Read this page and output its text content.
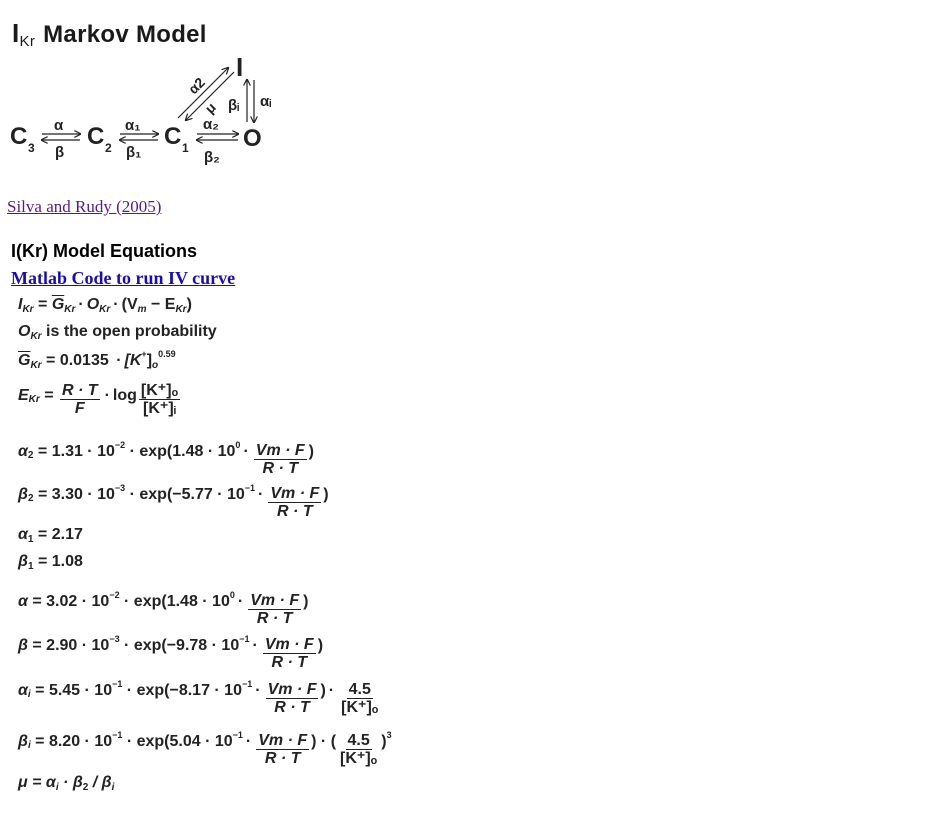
IKr Markov Model
C 3 C 2 C 1 O
I
α
β
α₁
β₁
α₂
β₂
α2
μ βᵢ αᵢ
Silva and Rudy (2005)
I(Kr) Model Equations
Matlab Code to run IV curve
I $Kr = \overline{G}$ Kr · O Kr · (V m − E Kr )
O Kr is the open probability
$\overline{G}$ Kr = 0.0135 · [K + ] o
0.59
E $Kr = \frac{R \cdot T}{F} \cdot \log \frac{\text{[K⁺]ₒ}}{\text{[K⁺]ᵢ}}$
α 2 = 1.31 · 10 −2 · exp(1.48 · 10 $0 \cdot \frac{Vm \cdot F}{R \cdot T}$ )
β $2 = 3.30 \cdot 10 -3 \cdot \exp(-5.77 \cdot 10 -1 \cdot \frac{Vm \cdot F}{R \cdot T}$ )
α 1 = 2.17
β 1 = 1.08
α = 3.02 · 10 −2 · exp(1.48 · 10 $0 \cdot \frac{Vm \cdot F}{R \cdot T}$ )
$\beta = 2.90 \cdot 10 -3 \cdot \exp(-9.78 \cdot 10 -1 \cdot \frac{Vm \cdot F}{R \cdot T}$ )
α $i = 5.45 \cdot 10 -1 \cdot \exp(-8.17 \cdot 10 -1 \cdot \frac{Vm \cdot F}{R \cdot T}$ ) · $\frac{4.5}{\text{[K⁺]ₒ}}$
β $i = 8.20 \cdot 10 -1 \cdot \exp(5.04 \cdot 10 -1 \cdot \frac{Vm \cdot F}{R \cdot T}$ ) · ( $\frac{4.5}{\text{[K⁺]ₒ}}$ ) 3
μ = α i · β 2 / β i
